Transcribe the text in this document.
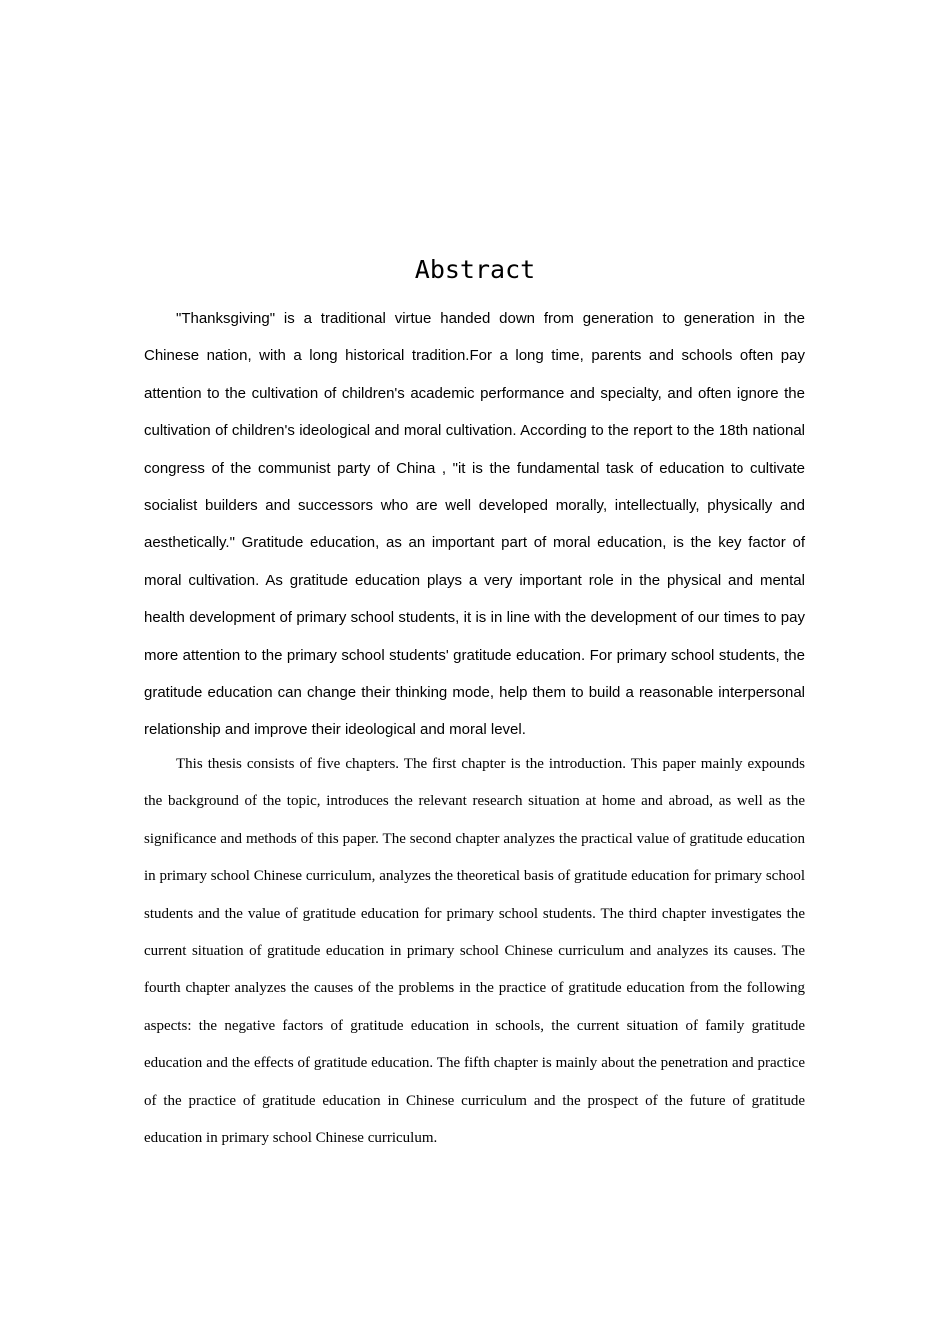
Abstract

"Thanksgiving" is a traditional virtue handed down from generation to generation in the Chinese nation, with a long historical tradition.For a long time, parents and schools often pay attention to the cultivation of children's academic performance and specialty, and often ignore the cultivation of children's ideological and moral cultivation. According to the report to the 18th national congress of the communist party of China , "it is the fundamental task of education to cultivate socialist builders and successors who are well developed morally, intellectually, physically and aesthetically." Gratitude education, as an important part of moral education, is the key factor of moral cultivation. As gratitude education plays a very important role in the physical and mental health development of primary school students, it is in line with the development of our times to pay more attention to the primary school students' gratitude education. For primary school students, the gratitude education can change their thinking mode, help them to build a reasonable interpersonal relationship and improve their ideological and moral level.

This thesis consists of five chapters. The first chapter is the introduction. This paper mainly expounds the background of the topic, introduces the relevant research situation at home and abroad, as well as the significance and methods of this paper. The second chapter analyzes the practical value of gratitude education in primary school Chinese curriculum, analyzes the theoretical basis of gratitude education for primary school students and the value of gratitude education for primary school students. The third chapter investigates the current situation of gratitude education in primary school Chinese curriculum and analyzes its causes. The fourth chapter analyzes the causes of the problems in the practice of gratitude education from the following aspects: the negative factors of gratitude education in schools, the current situation of family gratitude education and the effects of gratitude education. The fifth chapter is mainly about the penetration and practice of the practice of gratitude education in Chinese curriculum and the prospect of the future of gratitude education in primary school Chinese curriculum.
